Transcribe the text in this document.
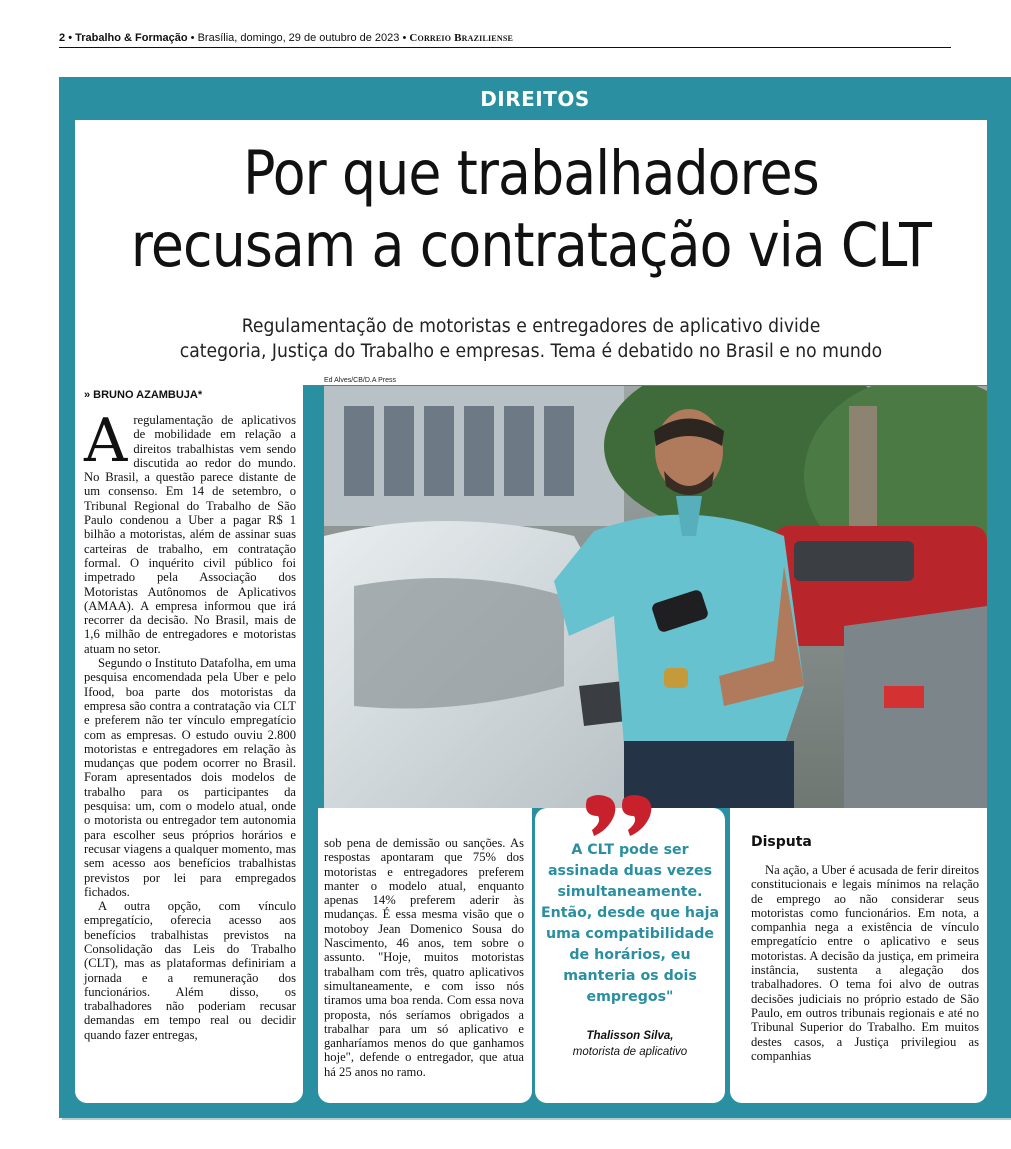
2 • Trabalho & Formação • Brasília, domingo, 29 de outubro de 2023 • Correio Braziliense
DIREITOS
Por que trabalhadores
recusam a contratação via CLT
Regulamentação de motoristas e entregadores de aplicativo divide
categoria, Justiça do Trabalho e empresas. Tema é debatido no Brasil e no mundo
» BRUNO AZAMBUJA*

Aregulamentação de aplicativos de mobilidade em relação a direitos trabalhistas vem sendo discutida ao redor do mundo. No Brasil, a questão parece distante de um consenso. Em 14 de setembro, o Tribunal Regional do Trabalho de São Paulo condenou a Uber a pagar R$ 1 bilhão a motoristas, além de assinar suas carteiras de trabalho, em contratação formal. O inquérito civil público foi impetrado pela Associação dos Motoristas Autônomos de Aplicativos (AMAA). A empresa informou que irá recorrer da decisão. No Brasil, mais de 1,6 milhão de entregadores e motoristas atuam no setor.

Segundo o Instituto Datafolha, em uma pesquisa encomendada pela Uber e pelo Ifood, boa parte dos motoristas da empresa são contra a contratação via CLT e preferem não ter vínculo empregatício com as empresas. O estudo ouviu 2.800 motoristas e entregadores em relação às mudanças que podem ocorrer no Brasil. Foram apresentados dois modelos de trabalho para os participantes da pesquisa: um, com o modelo atual, onde o motorista ou entregador tem autonomia para escolher seus próprios horários e recusar viagens a qualquer momento, mas sem acesso aos benefícios trabalhistas previstos por lei para empregados fichados.

A outra opção, com vínculo empregatício, oferecia acesso aos benefícios trabalhistas previstos na Consolidação das Leis do Trabalho (CLT), mas as plataformas definiriam a jornada e a remuneração dos funcionários. Além disso, os trabalhadores não poderiam recusar demandas em tempo real ou decidir quando fazer entregas,

Ed Alves/CB/D.A Press

sob pena de demissão ou sanções. As respostas apontaram que 75% dos motoristas e entregadores preferem manter o modelo atual, enquanto apenas 14% preferem aderir às mudanças. É essa mesma visão que o motoboy Jean Domenico Sousa do Nascimento, 46 anos, tem sobre o assunto. "Hoje, muitos motoristas trabalham com três, quatro aplicativos simultaneamente, e com isso nós tiramos uma boa renda. Com essa nova proposta, nós seríamos obrigados a trabalhar para um só aplicativo e ganharíamos menos do que ganhamos hoje", defende o entregador, que atua há 25 anos no ramo.

A CLT pode ser assinada duas vezes simultaneamente. Então, desde que haja uma compatibilidade de horários, eu manteria os dois empregos"
Thalisson Silva,
motorista de aplicativo
Disputa

Na ação, a Uber é acusada de ferir direitos constitucionais e legais mínimos na relação de emprego ao não considerar seus motoristas como funcionários. Em nota, a companhia nega a existência de vínculo empregatício entre o aplicativo e seus motoristas. A decisão da justiça, em primeira instância, sustenta a alegação dos trabalhadores. O tema foi alvo de outras decisões judiciais no próprio estado de São Paulo, em outros tribunais regionais e até no Tribunal Superior do Trabalho. Em muitos destes casos, a Justiça privilegiou as companhias
